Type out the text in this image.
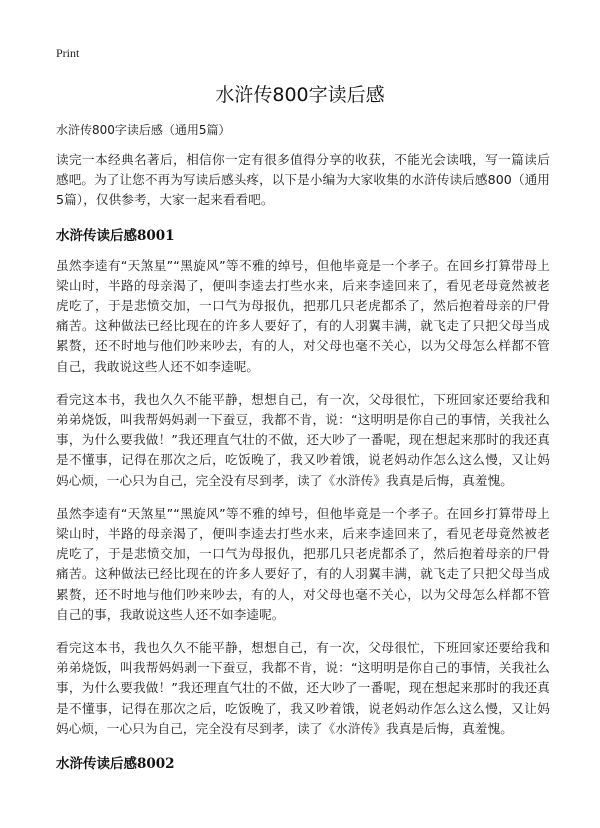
Print
水浒传800字读后感
水浒传800字读后感（通用5篇）

读完一本经典名著后，相信你一定有很多值得分享的收获，不能光会读哦，写一篇读后感吧。为了让您不再为写读后感头疼，以下是小编为大家收集的水浒传读后感800（通用5篇），仅供参考，大家一起来看看吧。

水浒传读后感8001

虽然李逵有“天煞星”“黑旋风”等不雅的绰号，但他毕竟是一个孝子。在回乡打算带母上梁山时，半路的母亲渴了，便叫李逵去打些水来，后来李逵回来了，看见老母竟然被老虎吃了，于是悲愤交加，一口气为母报仇，把那几只老虎都杀了，然后抱着母亲的尸骨痛苦。这种做法已经比现在的许多人要好了，有的人羽翼丰满，就飞走了只把父母当成累赘，还不时地与他们吵来吵去，有的人，对父母也毫不关心，以为父母怎么样都不管自己，我敢说这些人还不如李逵呢。

看完这本书，我也久久不能平静，想想自己，有一次，父母很忙，下班回家还要给我和弟弟烧饭，叫我帮妈妈剥一下蚕豆，我都不肯，说：“这明明是你自己的事情，关我社么事，为什么要我做！”我还理直气壮的不做，还大吵了一番呢，现在想起来那时的我还真是不懂事，记得在那次之后，吃饭晚了，我又吵着饿，说老妈动作怎么这么慢，又让妈妈心烦，一心只为自己，完全没有尽到孝，读了《水浒传》我真是后悔，真羞愧。

虽然李逵有“天煞星”“黑旋风”等不雅的绰号，但他毕竟是一个孝子。在回乡打算带母上梁山时，半路的母亲渴了，便叫李逵去打些水来，后来李逵回来了，看见老母竟然被老虎吃了，于是悲愤交加，一口气为母报仇，把那几只老虎都杀了，然后抱着母亲的尸骨痛苦。这种做法已经比现在的许多人要好了，有的人羽翼丰满，就飞走了只把父母当成累赘，还不时地与他们吵来吵去，有的人，对父母也毫不关心，以为父母怎么样都不管自己的事，我敢说这些人还不如李逵呢。

看完这本书，我也久久不能平静，想想自己，有一次，父母很忙，下班回家还要给我和弟弟烧饭，叫我帮妈妈剥一下蚕豆，我都不肯，说：“这明明是你自己的事情，关我社么事，为什么要我做！”我还理直气壮的不做，还大吵了一番呢，现在想起来那时的我还真是不懂事，记得在那次之后，吃饭晚了，我又吵着饿，说老妈动作怎么这么慢，又让妈妈心烦，一心只为自己，完全没有尽到孝，读了《水浒传》我真是后悔，真羞愧。

水浒传读后感8002
